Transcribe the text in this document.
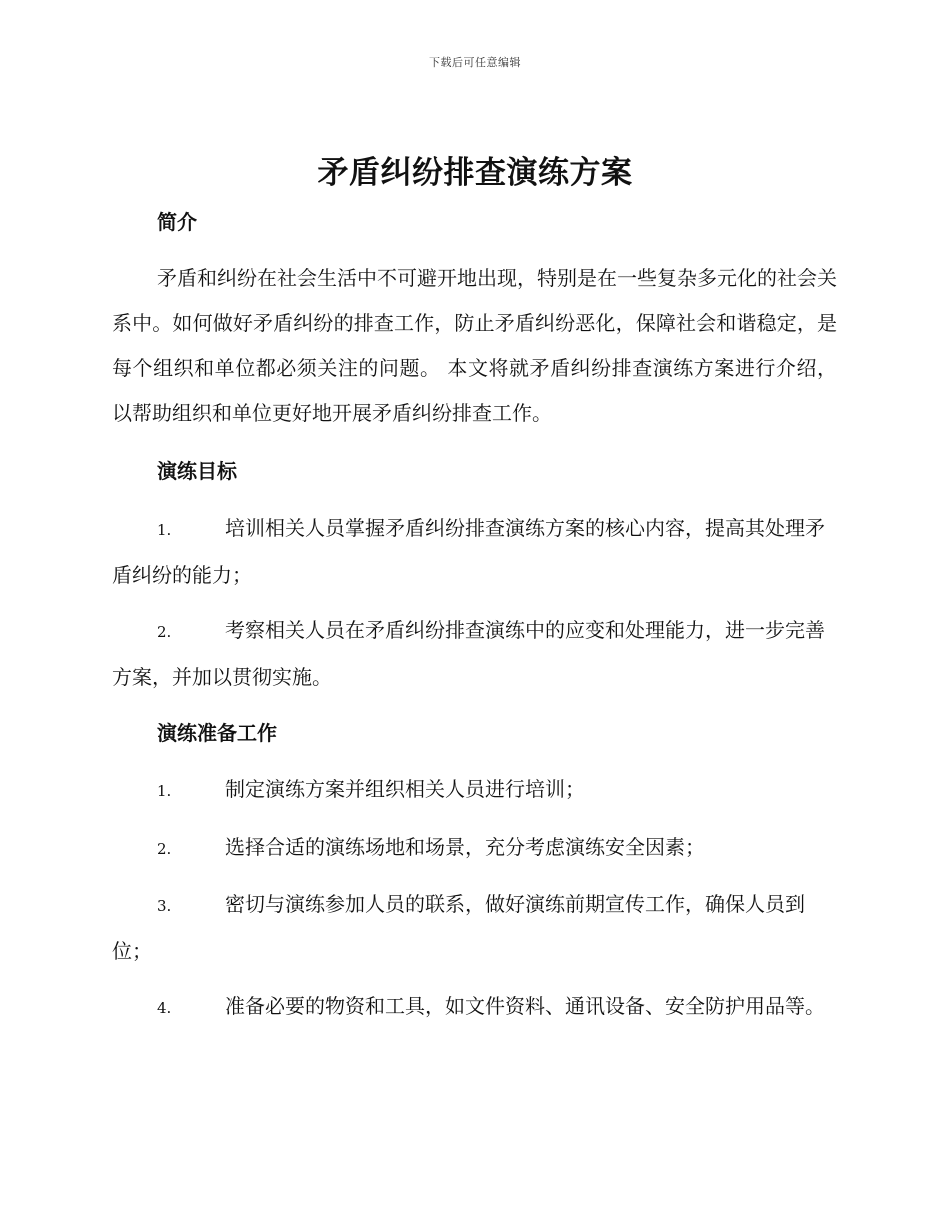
下载后可任意编辑
矛盾纠纷排查演练方案
简介

矛盾和纠纷在社会生活中不可避开地出现，特别是在一些复杂多元化的社会关系中。如何做好矛盾纠纷的排查工作，防止矛盾纠纷恶化，保障社会和谐稳定，是每个组织和单位都必须关注的问题。 本文将就矛盾纠纷排查演练方案进行介绍，以帮助组织和单位更好地开展矛盾纠纷排查工作。

演练目标

1.	培训相关人员掌握矛盾纠纷排查演练方案的核心内容，提高其处理矛盾纠纷的能力；

2.	考察相关人员在矛盾纠纷排查演练中的应变和处理能力，进一步完善方案，并加以贯彻实施。

演练准备工作

1.	制定演练方案并组织相关人员进行培训；

2.	选择合适的演练场地和场景，充分考虑演练安全因素；

3.	密切与演练参加人员的联系，做好演练前期宣传工作，确保人员到位；

4.	准备必要的物资和工具，如文件资料、通讯设备、安全防护用品等。
